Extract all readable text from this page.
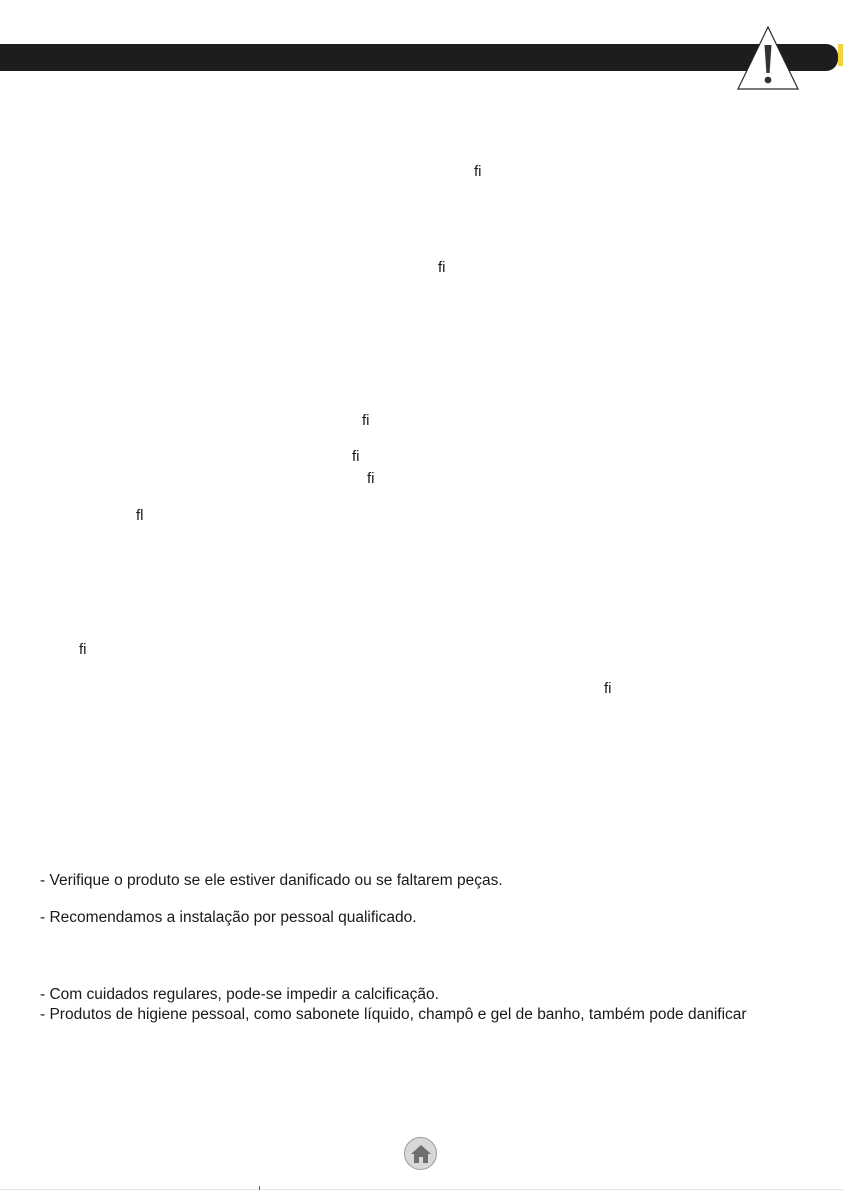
fi
fi
fi
fi
fi
fl
fi
fi
- Verifique o produto se ele estiver danificado ou se faltarem peças.
- Recomendamos a instalação por pessoal qualificado.
- Com cuidados regulares, pode-se impedir a calcificação.
- Produtos de higiene pessoal, como sabonete líquido, champô e gel de banho, também pode danificar
